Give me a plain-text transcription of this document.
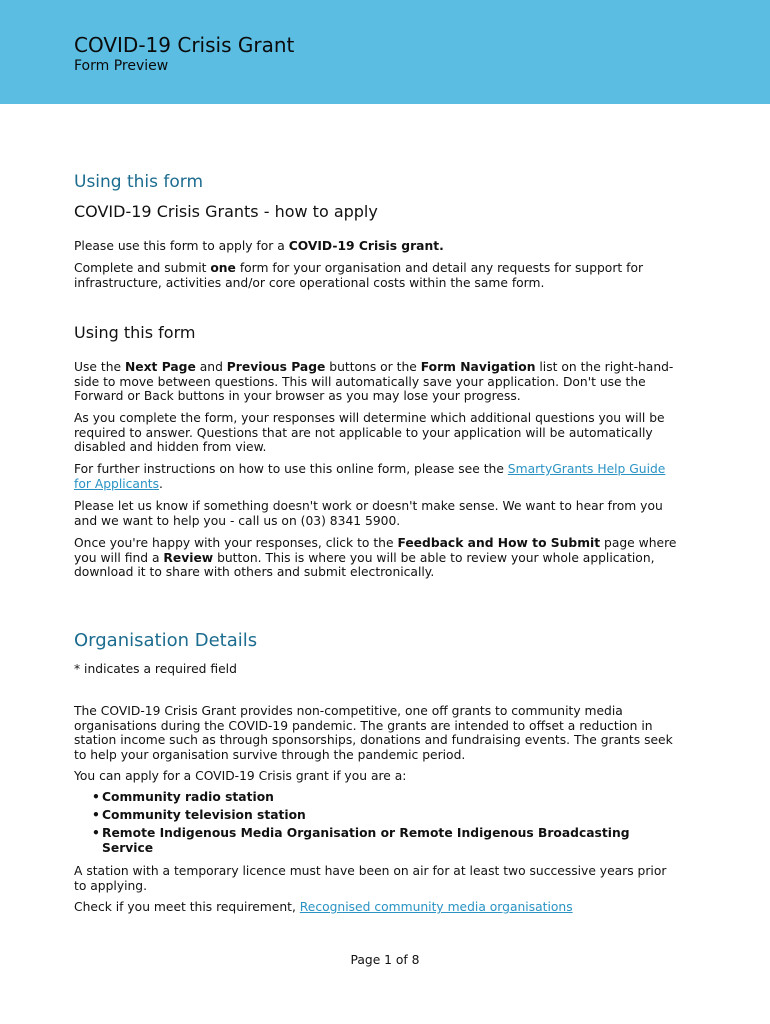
COVID-19 Crisis Grant
Form Preview
Using this form
COVID-19 Crisis Grants - how to apply

Please use this form to apply for a COVID-19 Crisis grant.

Complete and submit one form for your organisation and detail any requests for support for infrastructure, activities and/or core operational costs within the same form.

Using this form

Use the Next Page and Previous Page buttons or the Form Navigation list on the right-hand-side to move between questions. This will automatically save your application. Don't use the Forward or Back buttons in your browser as you may lose your progress.

As you complete the form, your responses will determine which additional questions you will be required to answer. Questions that are not applicable to your application will be automatically disabled and hidden from view.

For further instructions on how to use this online form, please see the SmartyGrants Help Guide for Applicants.

Please let us know if something doesn't work or doesn't make sense. We want to hear from you and we want to help you - call us on (03) 8341 5900.

Once you're happy with your responses, click to the Feedback and How to Submit page where you will find a Review button. This is where you will be able to review your whole application, download it to share with others and submit electronically.

Organisation Details

* indicates a required field

The COVID-19 Crisis Grant provides non-competitive, one off grants to community media organisations during the COVID-19 pandemic. The grants are intended to offset a reduction in station income such as through sponsorships, donations and fundraising events. The grants seek to help your organisation survive through the pandemic period.

You can apply for a COVID-19 Crisis grant if you are a:

• Community radio station
• Community television station
• Remote Indigenous Media Organisation or Remote Indigenous Broadcasting Service

A station with a temporary licence must have been on air for at least two successive years prior to applying.

Check if you meet this requirement, Recognised community media organisations

Page 1 of 8
